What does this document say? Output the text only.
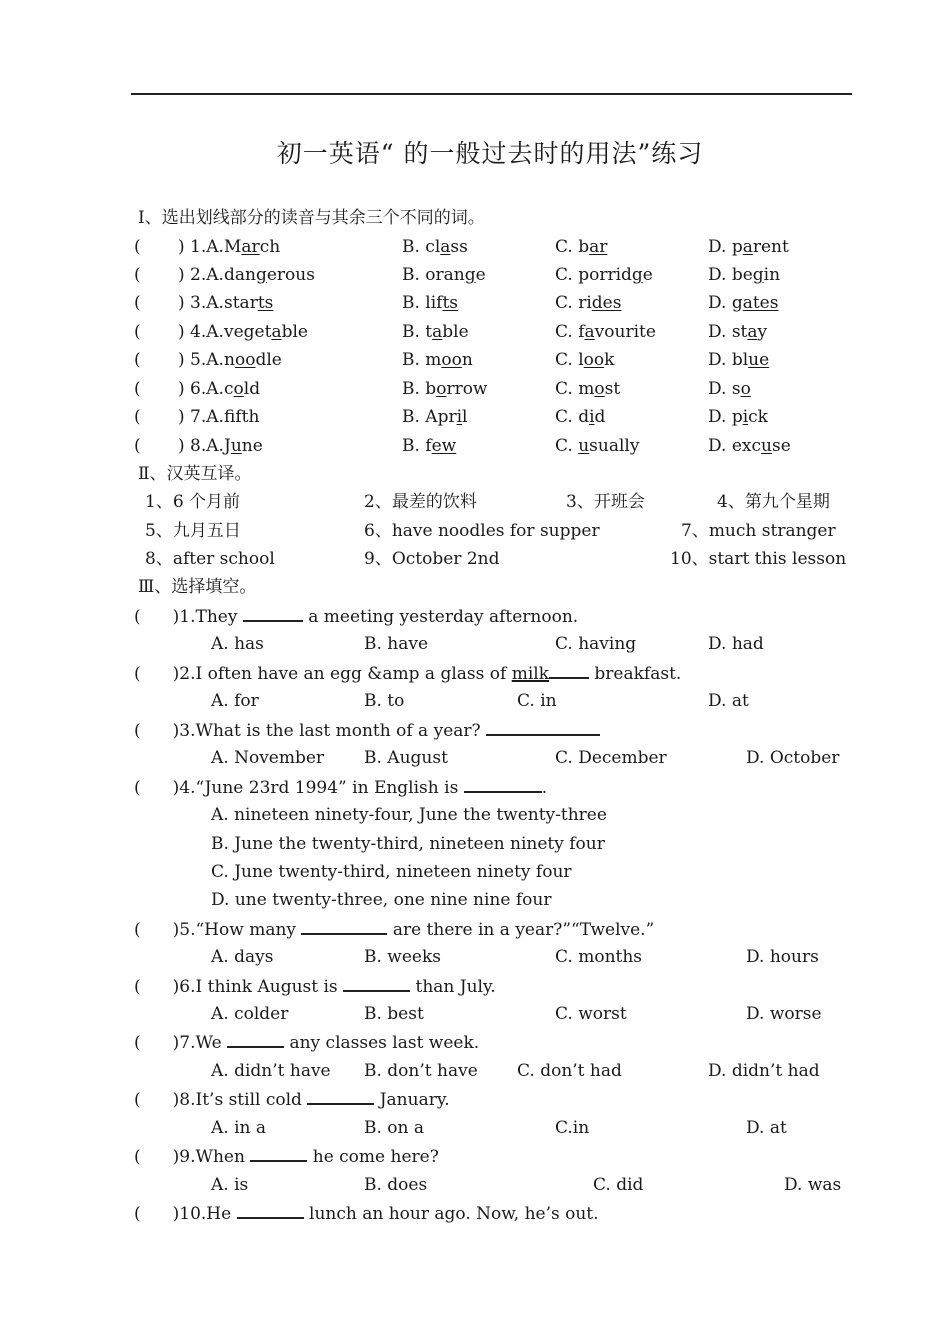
初一英语“ 的一般过去时的用法”练习
Ⅰ、选出划线部分的读音与其余三个不同的词。
( ) 1.A. March	B. class	C. bar	D. parent
( ) 2.A. dangerous	B. orange	C. porridge	D. begin
( ) 3.A. starts	B. lifts	C. rides	D. gates
( ) 4.A. vegetable	B. table	C. favourite	D. stay
( ) 5.A. noodle	B. moon	C. look	D. blue
( ) 6.A. cold	B. borrow	C. most	D. so
( ) 7.A. ffth	B. April	C. did	D. pick
( ) 8.A. June	B. few	C. usually	D. excuse
Ⅱ、汉英互译。
1、6 个月前	2、最差的饮料	3、开班会	4、第九个星期
5、九月五日	6、have noodles for supper	7、much stranger
8、after school	9、October 2nd	10、start this lesson
Ⅲ、选择填空。
( )1.They	a meeting yesterday afternoon.
A. has	B. have	C. having	D. had
( )2.I often have an egg &amp a glass of milk	breakfast.
A. for	B. to	C. in	D. at
( )3.What is the last month of a year?
A. November B. August	C. December	D. October
( )4.“June 23rd 1994” in English is	.
A. nineteen ninety-four, June the twenty-three
B. June the twenty-third, nineteen ninety four
C. June twenty-third, nineteen ninety four
D. une twenty-three, one nine nine four
( )5.“How many	are there in a year?”“Twelve.”
A. days	B. weeks	C. months	D. hours
( )6.I think August is	than July.
A. colder	B. best	C. worst	D. worse
( )7.We	any classes last week.
A. didn’t have B. don’t have C. don’t had	D. didn’t had
( )8.It’s still cold	January.
A. in a	B. on a	C.in	D. at
( )9.When	he come here?
A. is	B. does	C. did	D. was
( )10.He	lunch an hour ago. Now, he’s out.
